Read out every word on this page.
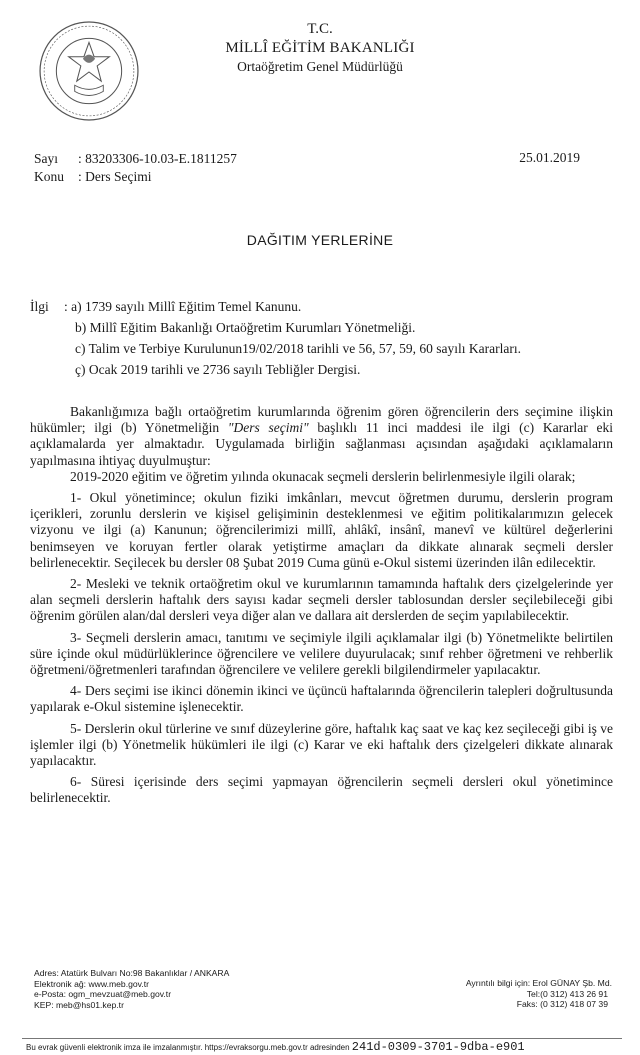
T.C.
MİLLÎ EĞİTİM BAKANLIĞI
Ortaöğretim Genel Müdürlüğü
Sayı : 83203306-10.03-E.1811257
Konu : Ders Seçimi
25.01.2019
DAĞITIM YERLERİNE
İlgi : a) 1739 sayılı Millî Eğitim Temel Kanunu.
b) Millî Eğitim Bakanlığı Ortaöğretim Kurumları Yönetmeliği.
c) Talim ve Terbiye Kurulunun19/02/2018 tarihli ve 56, 57, 59, 60 sayılı Kararları.
ç) Ocak 2019 tarihli ve 2736 sayılı Tebliğler Dergisi.

Bakanlığımıza bağlı ortaöğretim kurumlarında öğrenim gören öğrencilerin ders seçimine ilişkin hükümler; ilgi (b) Yönetmeliğin "Ders seçimi" başlıklı 11 inci maddesi ile ilgi (c) Kararlar eki açıklamalarda yer almaktadır. Uygulamada birliğin sağlanması açısından aşağıdaki açıklamaların yapılmasına ihtiyaç duyulmuştur:

2019-2020 eğitim ve öğretim yılında okunacak seçmeli derslerin belirlenmesiyle ilgili olarak;

1- Okul yönetimince; okulun fiziki imkânları, mevcut öğretmen durumu, derslerin program içerikleri, zorunlu derslerin ve kişisel gelişiminin desteklenmesi ve eğitim politikalarımızın gelecek vizyonu ve ilgi (a) Kanunun; öğrencilerimizi millî, ahlâkî, insânî, manevî ve kültürel değerlerini benimseyen ve koruyan fertler olarak yetiştirme amaçları da dikkate alınarak seçmeli dersler belirlenecektir. Seçilecek bu dersler 08 Şubat 2019 Cuma günü e-Okul sistemi üzerinden ilân edilecektir.

2- Mesleki ve teknik ortaöğretim okul ve kurumlarının tamamında haftalık ders çizelgelerinde yer alan seçmeli derslerin haftalık ders sayısı kadar seçmeli dersler tablosundan dersler seçilebileceği gibi öğrenim görülen alan/dal dersleri veya diğer alan ve dallara ait derslerden de seçim yapılabilecektir.

3- Seçmeli derslerin amacı, tanıtımı ve seçimiyle ilgili açıklamalar ilgi (b) Yönetmelikte belirtilen süre içinde okul müdürlüklerince öğrencilere ve velilere duyurulacak; sınıf rehber öğretmeni ve rehberlik öğretmeni/öğretmenleri tarafından öğrencilere ve velilere gerekli bilgilendirmeler yapılacaktır.

4- Ders seçimi ise ikinci dönemin ikinci ve üçüncü haftalarında öğrencilerin talepleri doğrultusunda yapılarak e-Okul sistemine işlenecektir.

5- Derslerin okul türlerine ve sınıf düzeylerine göre, haftalık kaç saat ve kaç kez seçileceği gibi iş ve işlemler ilgi (b) Yönetmelik hükümleri ile ilgi (c) Karar ve eki haftalık ders çizelgeleri dikkate alınarak yapılacaktır.

6- Süresi içerisinde ders seçimi yapmayan öğrencilerin seçmeli dersleri okul yönetimince belirlenecektir.

Adres: Atatürk Bulvarı No:98 Bakanlıklar / ANKARA
Elektronik ağ: www.meb.gov.tr
e-Posta: ogm_mevzuat@meb.gov.tr
KEP: meb@hs01.kep.tr
Ayrıntılı bilgi için: Erol GÜNAY Şb. Md.
Tel:(0 312) 413 26 91
Faks: (0 312) 418 07 39
Bu evrak güvenli elektronik imza ile imzalanmıştır. https://evraksorgu.meb.gov.tr adresinden 241d-0309-3701-9dba-e901
